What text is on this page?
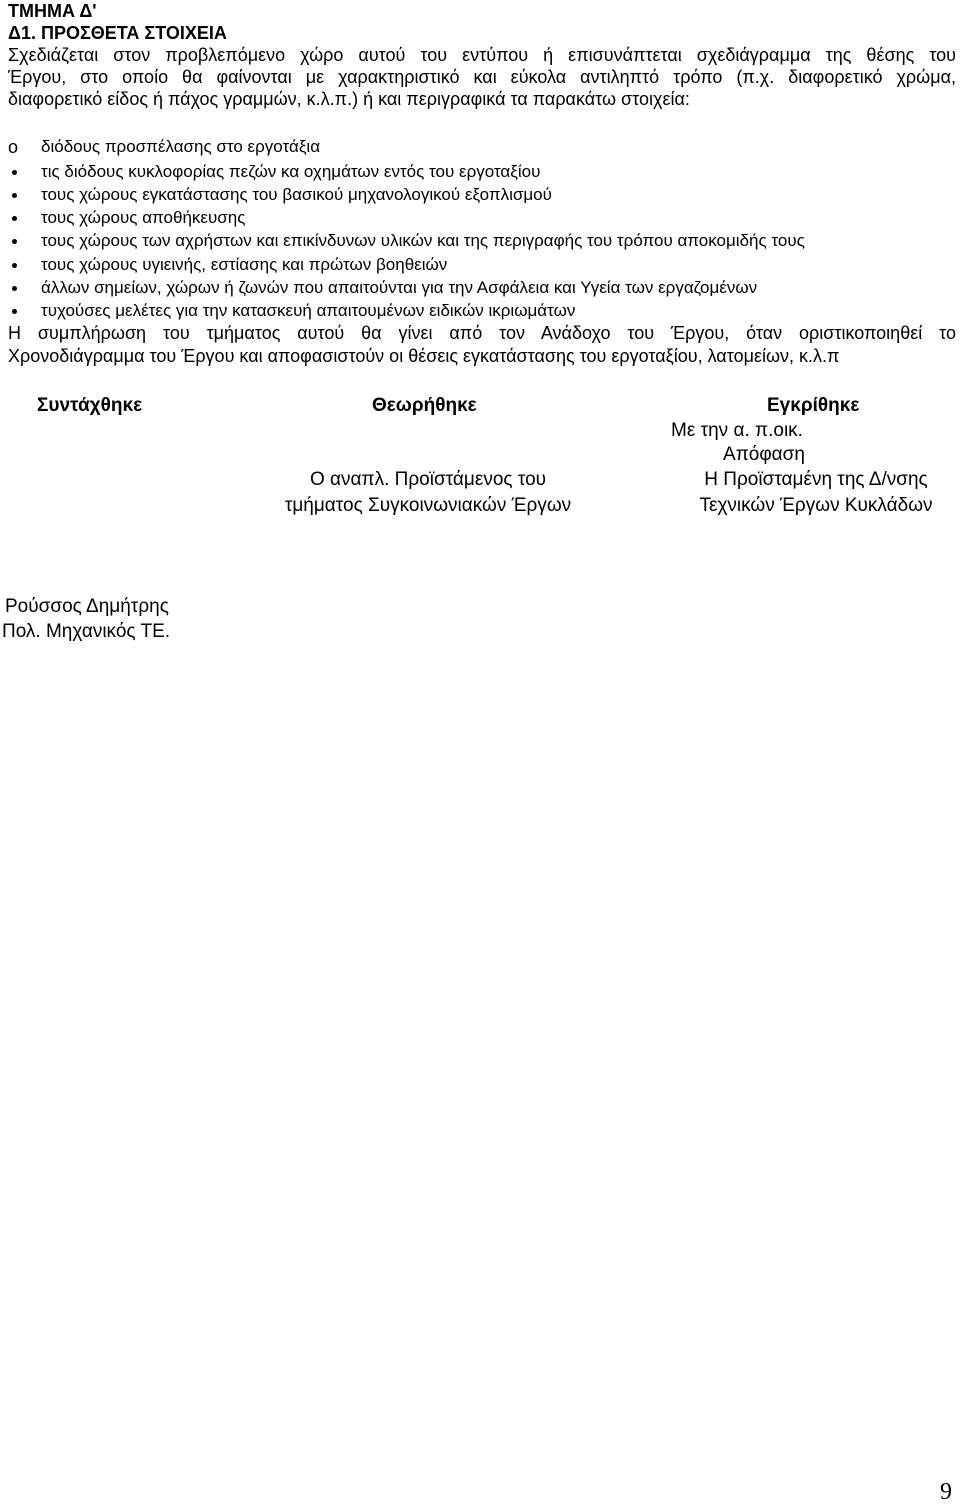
ΤΜΗΜΑ Δ'
Δ1. ΠΡΟΣΘΕΤΑ ΣΤΟΙΧΕΙΑ
Σχεδιάζεται στον προβλεπόμενο χώρο αυτού του εντύπου ή επισυνάπτεται σχεδιάγραμμα της θέσης του
Έργου, στο οποίο θα φαίνονται με χαρακτηριστικό και εύκολα αντιληπτό τρόπο (π.χ. διαφορετικό χρώμα,
διαφορετικό είδος ή πάχος γραμμών, κ.λ.π.) ή και περιγραφικά τα παρακάτω στοιχεία:
o	διόδους προσπέλασης στο εργοτάξια
τις διόδους κυκλοφορίας πεζών κα οχημάτων εντός του εργοταξίου
τους χώρους εγκατάστασης του βασικού μηχανολογικού εξοπλισμού
τους χώρους αποθήκευσης
τους χώρους των αχρήστων και επικίνδυνων υλικών και της περιγραφής του τρόπου αποκομιδής τους
τους χώρους υγιεινής, εστίασης και πρώτων βοηθειών
άλλων σημείων, χώρων ή ζωνών που απαιτούνται για την Ασφάλεια και Υγεία των εργαζομένων
τυχούσες μελέτες για την κατασκευή απαιτουμένων ειδικών ικριωμάτων
Η συμπλήρωση του τμήματος αυτού θα γίνει από τον Ανάδοχο του Έργου, όταν οριστικοποιηθεί το
Χρονοδιάγραμμα του Έργου και αποφασιστούν οι θέσεις εγκατάστασης του εργοταξίου, λατομείων, κ.λ.π
Συντάχθηκε	Θεωρήθηκε	Εγκρίθηκε
Με την α. π.οικ.
Απόφαση
Ο αναπλ. Προϊστάμενος του
τμήματος Συγκοινωνιακών Έργων
Η Προϊσταμένη της Δ/νσης
Τεχνικών Έργων Κυκλάδων
Ρούσσος Δημήτρης
Πολ. Μηχανικός ΤΕ.
9
